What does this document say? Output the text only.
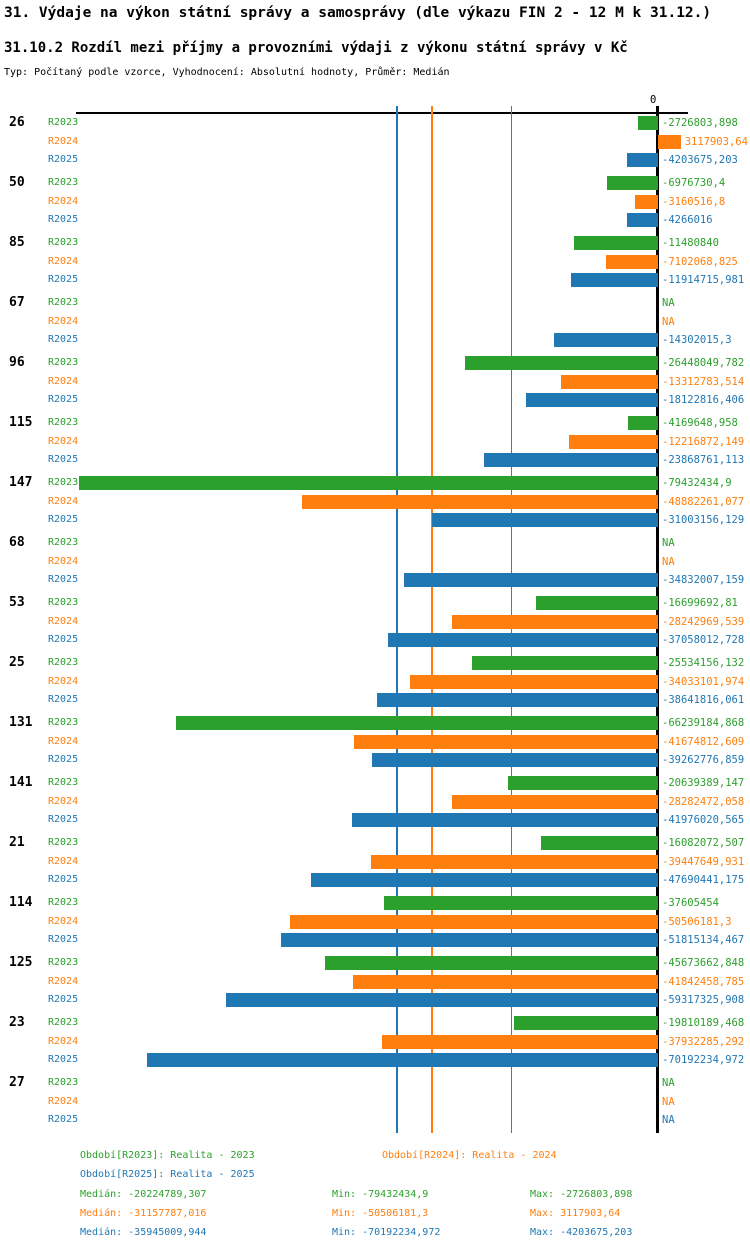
31. Výdaje na výkon státní správy a samosprávy (dle výkazu FIN 2 - 12 M k 31.12.)
31.10.2 Rozdíl mezi příjmy a provozními výdaji z výkonu státní správy v Kč
Typ: Počítaný podle vzorce, Vyhodnocení: Absolutní hodnoty, Průměr: Medián
0
26 R2023	-2726803,898
R2024	3117903,64
R2025	-4203675,203
50 R2023	-6976730,4
R2024	-3160516,8
R2025	-4266016
85 R2023	-11480840
R2024	-7102068,825
R2025	-11914715,981
67 R2023	NA
R2024	NA
R2025	-14302015,3
96 R2023	-26448049,782
R2024	-13312783,514
R2025	-18122816,406
115 R2023	-4169648,958
R2024	-12216872,149
R2025	-23868761,113
147 R2023	-79432434,9
R2024	-48882261,077
R2025	-31003156,129
68 R2023	NA
R2024	NA
R2025	-34832007,159
53 R2023	-16699692,81
R2024	-28242969,539
R2025	-37058012,728
25 R2023	-25534156,132
R2024	-34033101,974
R2025	-38641816,061
131 R2023	-66239184,868
R2024	-41674812,609
R2025	-39262776,859
141 R2023	-20639389,147
R2024	-28282472,058
R2025	-41976020,565
21 R2023	-16082072,507
R2024	-39447649,931
R2025	-47690441,175
114 R2023	-37605454
R2024	-50506181,3
R2025	-51815134,467
125 R2023	-45673662,848
R2024	-41842458,785
R2025	-59317325,908
23 R2023	-19810189,468
R2024	-37932285,292
R2025	-70192234,972
27 R2023	NA
R2024	NA
R2025	NA
Období[R2023]: Realita - 2023	Období[R2024]: Realita - 2024
Období[R2025]: Realita - 2025
Medián: -20224789,307	Min: -79432434,9	Max: -2726803,898
Medián: -31157787,016	Min: -50506181,3	Max: 3117903,64
Medián: -35945009,944	Min: -70192234,972	Max: -4203675,203
